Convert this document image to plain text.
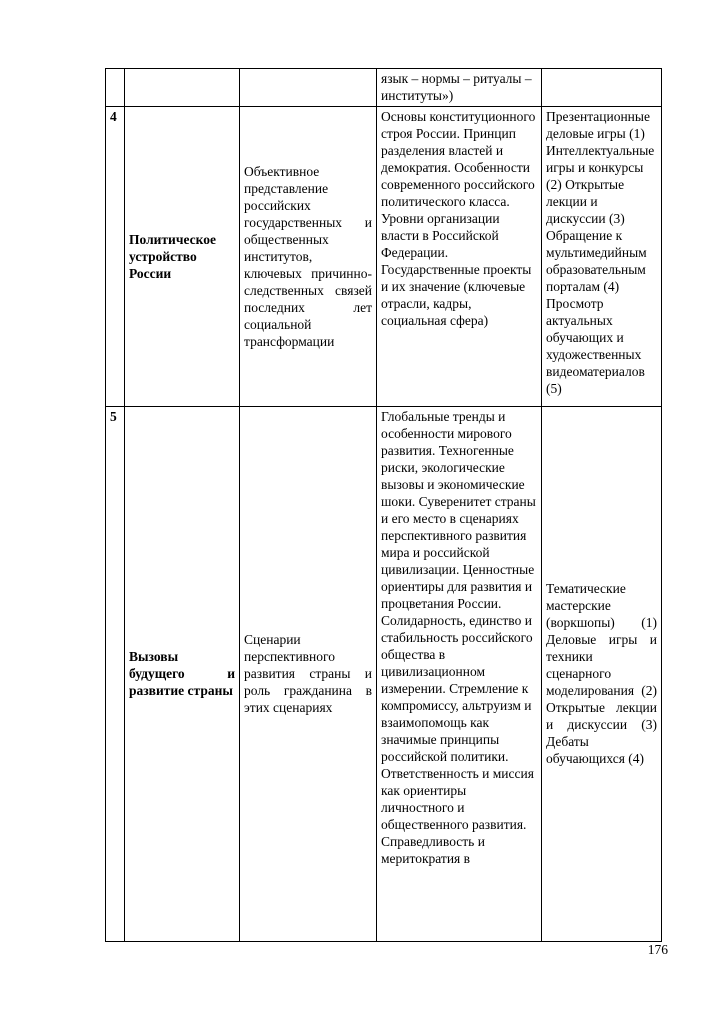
			язык – нормы – ритуалы – институты»)	
4	Политическое устройство России	Объективное представление российских государственных и общественных институтов, ключевых причинно-следственных связей последних лет социальной трансформации	Основы конституционного строя России. Принцип разделения властей и демократия. Особенности современного российского политического класса. Уровни организации власти в Российской Федерации. Государственные проекты и их значение (ключевые отрасли, кадры, социальная сфера)	Презентационные деловые игры (1) Интеллектуальные игры и конкурсы (2) Открытые лекции и дискуссии (3) Обращение к мультимедийным образовательным порталам (4) Просмотр актуальных обучающих и художественных видеоматериалов (5)
5	Вызовы будущего и развитие страны	Сценарии перспективного развития страны и роль гражданина в этих сценариях	Глобальные тренды и особенности мирового развития. Техногенные риски, экологические вызовы и экономические шоки. Суверенитет страны и его место в сценариях перспективного развития мира и российской цивилизации. Ценностные ориентиры для развития и процветания России. Солидарность, единство и стабильность российского общества в цивилизационном измерении. Стремление к компромиссу, альтруизм и взаимопомощь как значимые принципы российской политики. Ответственность и миссия как ориентиры личностного и общественного развития. Справедливость и меритократия в	Тематические мастерские (воркшопы) (1) Деловые игры и техники сценарного моделирования (2) Открытые лекции и дискуссии (3) Дебаты обучающихся (4)
176
